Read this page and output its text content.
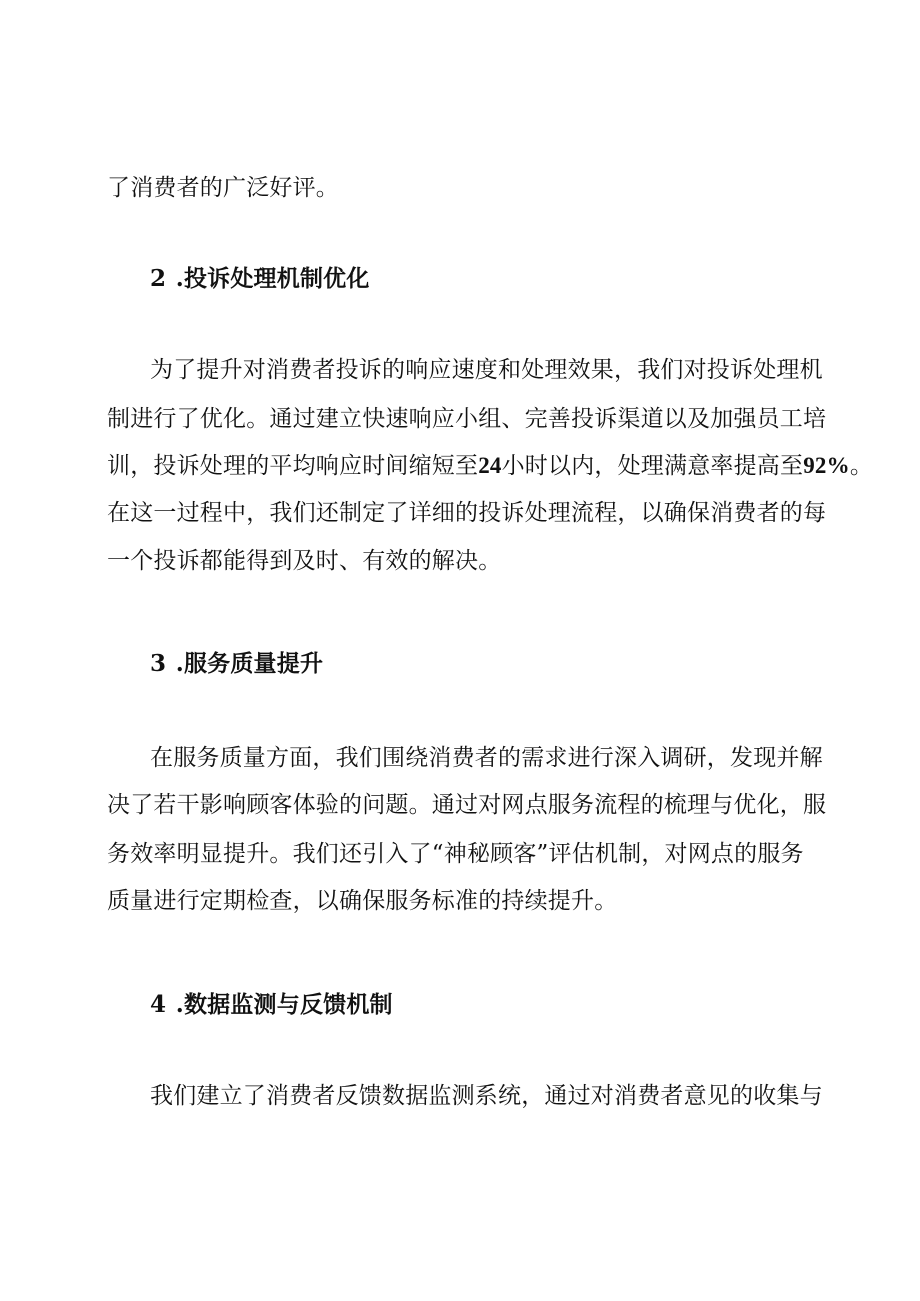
了消费者的广泛好评。
2 .投诉处理机制优化
为了提升对消费者投诉的响应速度和处理效果，我们对投诉处理机
制进行了优化。通过建立快速响应小组、完善投诉渠道以及加强员工培
训，投诉处理的平均响应时间缩短至24小时以内，处理满意率提高至92%。
在这一过程中，我们还制定了详细的投诉处理流程，以确保消费者的每
一个投诉都能得到及时、有效的解决。
3 .服务质量提升
在服务质量方面，我们围绕消费者的需求进行深入调研，发现并解
决了若干影响顾客体验的问题。通过对网点服务流程的梳理与优化，服
务效率明显提升。我们还引入了“神秘顾客”评估机制，对网点的服务
质量进行定期检查，以确保服务标准的持续提升。
4 .数据监测与反馈机制
我们建立了消费者反馈数据监测系统，通过对消费者意见的收集与
